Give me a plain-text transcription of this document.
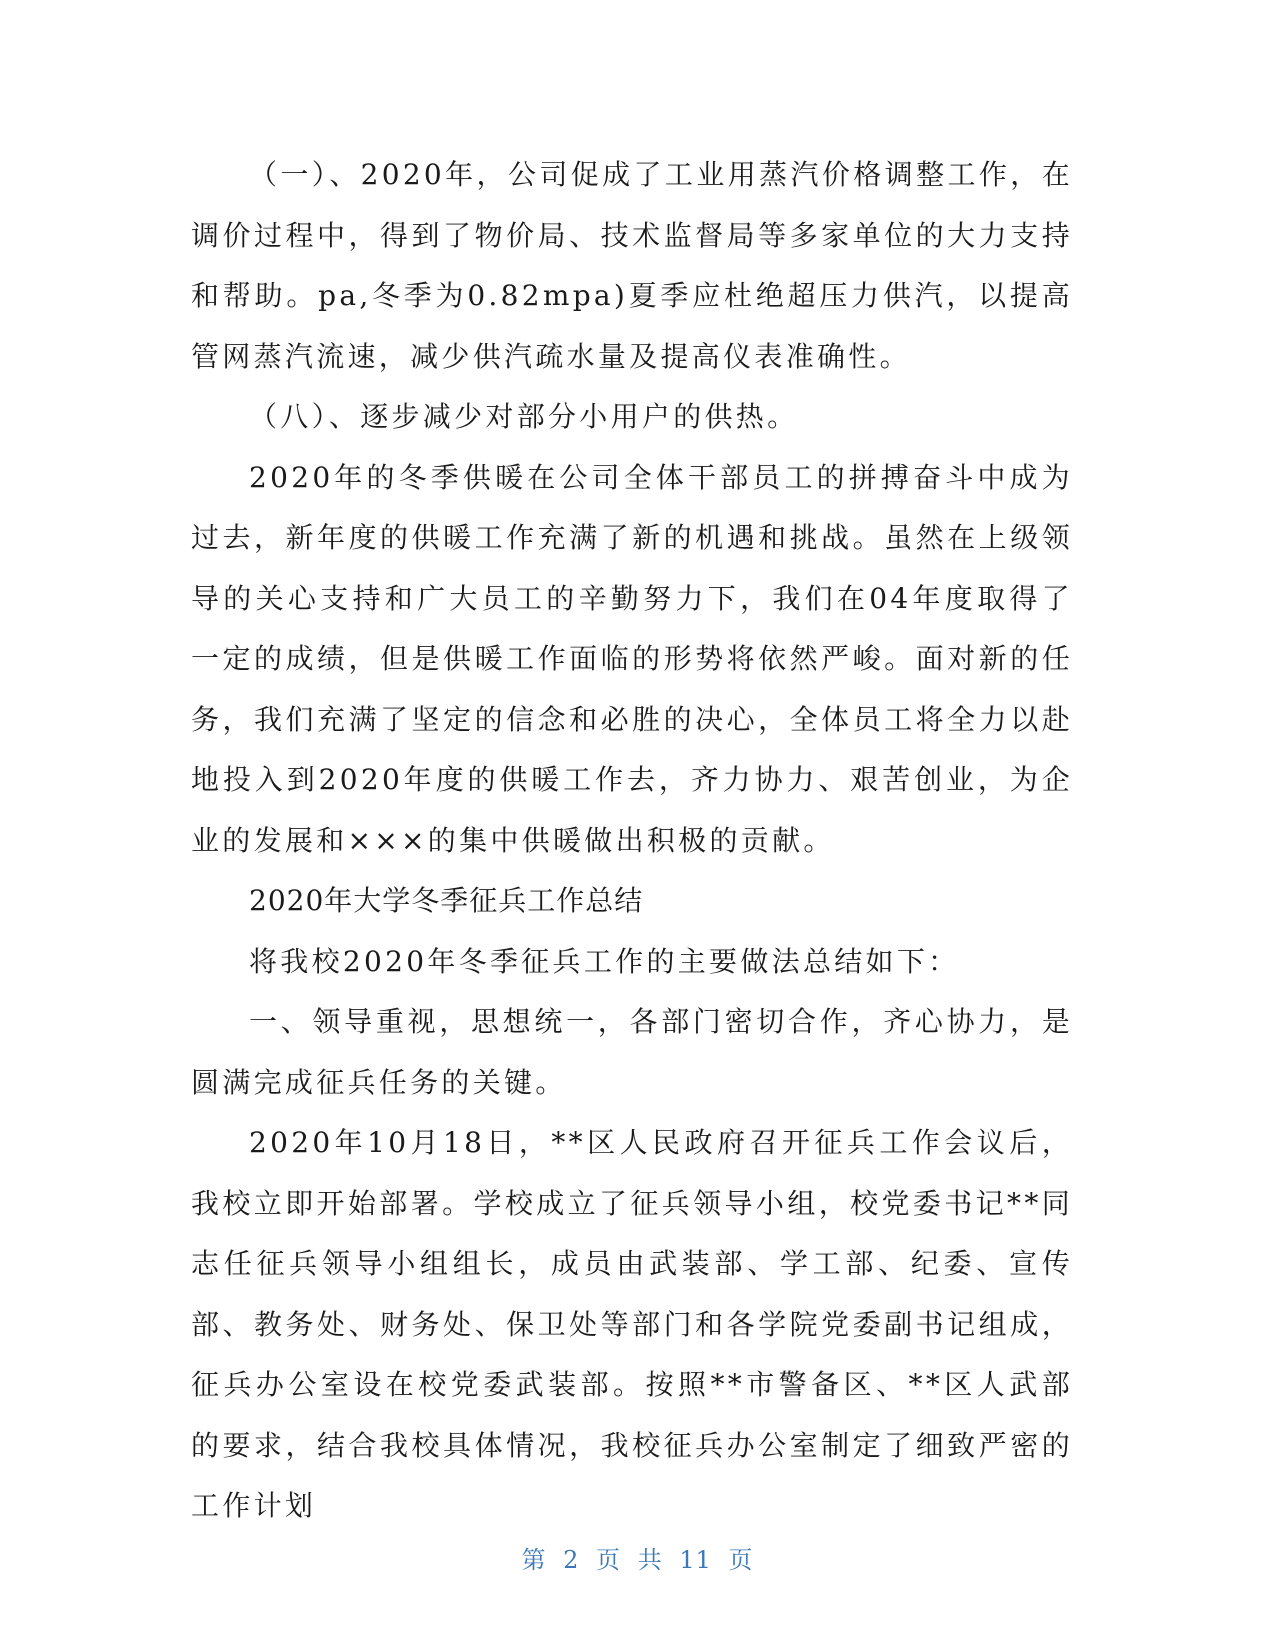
（一）、2020年，公司促成了工业用蒸汽价格调整工作，在调价过程中，得到了物价局、技术监督局等多家单位的大力支持和帮助。pa,冬季为0.82mpa)夏季应杜绝超压力供汽，以提高管网蒸汽流速，减少供汽疏水量及提高仪表准确性。

（八）、逐步减少对部分小用户的供热。

2020年的冬季供暖在公司全体干部员工的拼搏奋斗中成为过去，新年度的供暖工作充满了新的机遇和挑战。虽然在上级领导的关心支持和广大员工的辛勤努力下，我们在04年度取得了一定的成绩，但是供暖工作面临的形势将依然严峻。面对新的任务，我们充满了坚定的信念和必胜的决心，全体员工将全力以赴地投入到2020年度的供暖工作去，齐力协力、艰苦创业，为企业的发展和×××的集中供暖做出积极的贡献。

2020年大学冬季征兵工作总结

将我校2020年冬季征兵工作的主要做法总结如下：

一、领导重视，思想统一，各部门密切合作，齐心协力，是圆满完成征兵任务的关键。

2020年10月18日，**区人民政府召开征兵工作会议后，我校立即开始部署。学校成立了征兵领导小组，校党委书记**同志任征兵领导小组组长，成员由武装部、学工部、纪委、宣传部、教务处、财务处、保卫处等部门和各学院党委副书记组成，征兵办公室设在校党委武装部。按照**市警备区、**区人武部的要求，结合我校具体情况，我校征兵办公室制定了细致严密的工作计划

第 2 页 共 11 页
